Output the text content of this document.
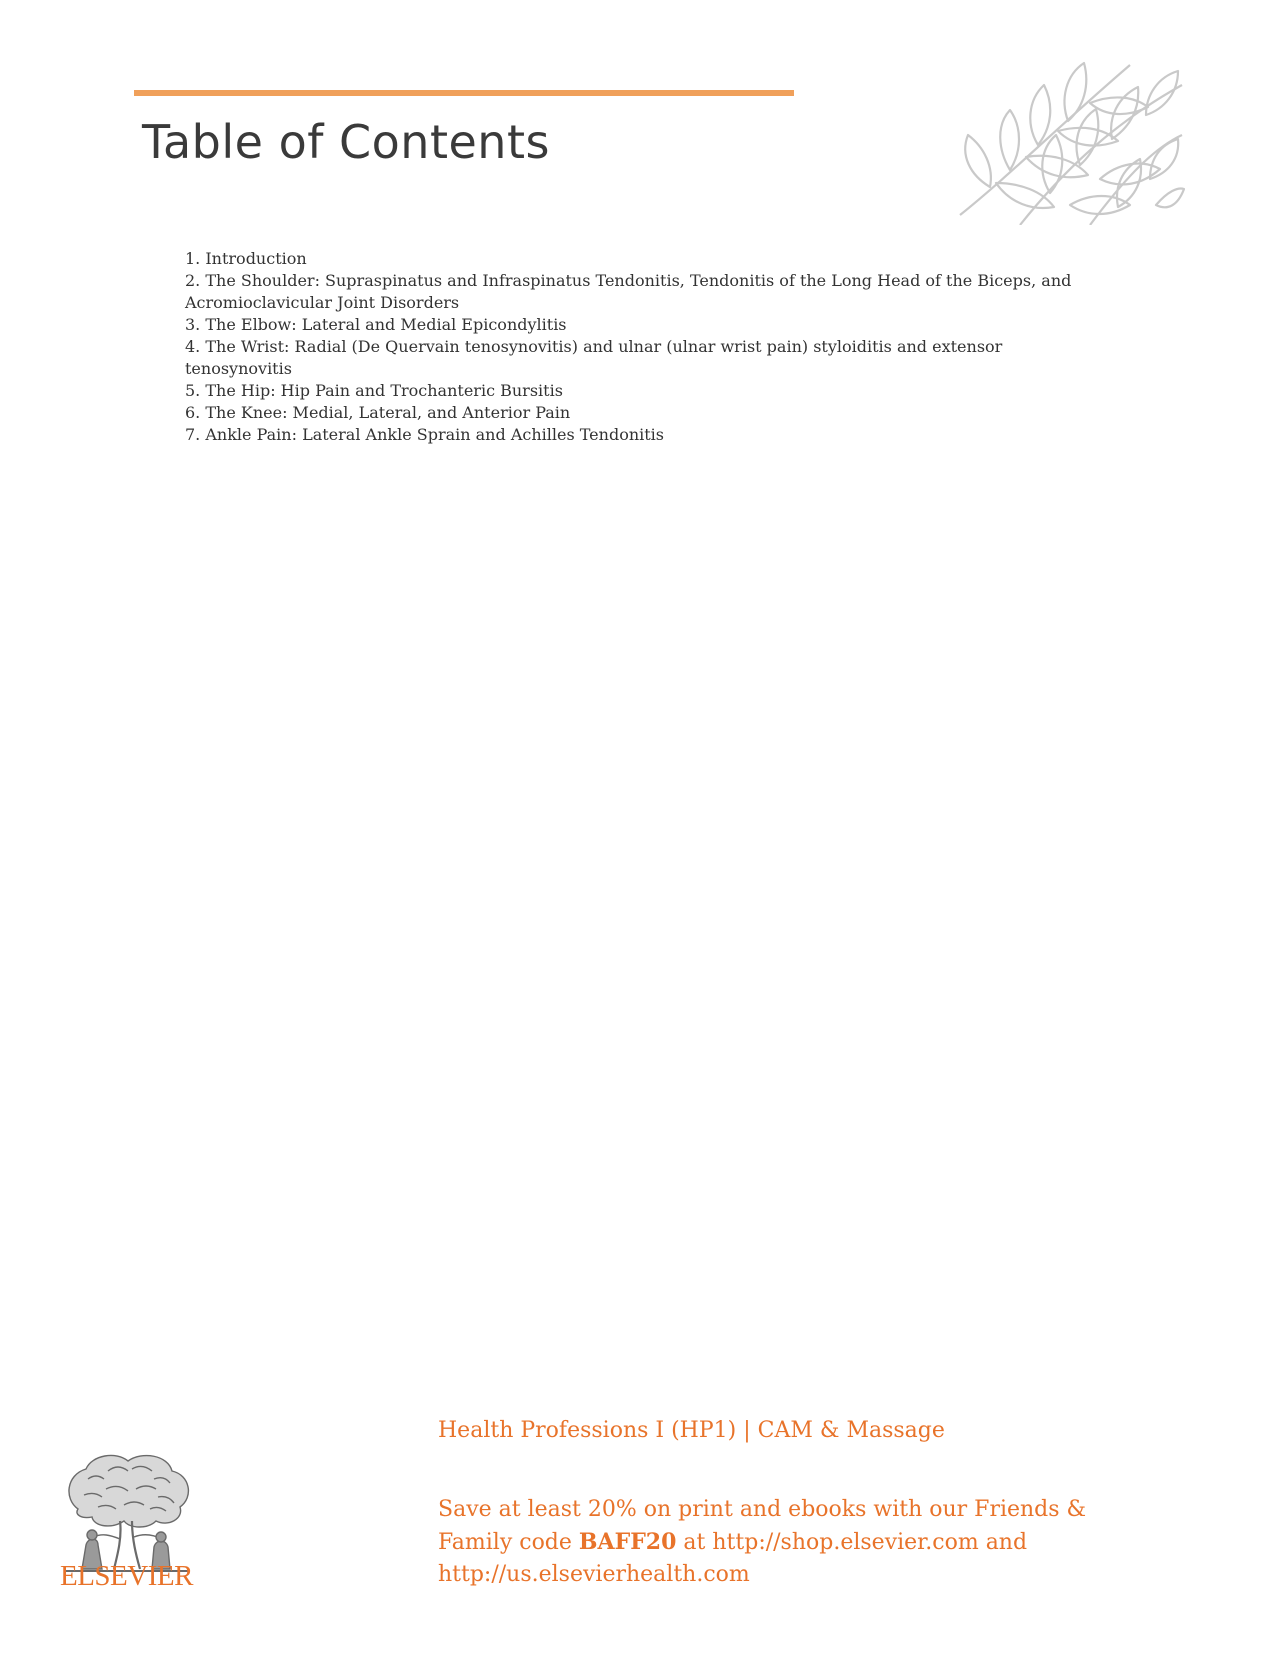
Table of Contents
1. Introduction
2. The Shoulder: Supraspinatus and Infraspinatus Tendonitis, Tendonitis of the Long Head of the Biceps, and Acromioclavicular Joint Disorders
3. The Elbow: Lateral and Medial Epicondylitis
4. The Wrist: Radial (De Quervain tenosynovitis) and ulnar (ulnar wrist pain) styloiditis and extensor tenosynovitis
5. The Hip: Hip Pain and Trochanteric Bursitis
6. The Knee: Medial, Lateral, and Anterior Pain
7. Ankle Pain: Lateral Ankle Sprain and Achilles Tendonitis
ELSEVIER
Health Professions I (HP1) | CAM & Massage

Save at least 20% on print and ebooks with our Friends & Family code BAFF20 at http://shop.elsevier.com and http://us.elsevierhealth.com
